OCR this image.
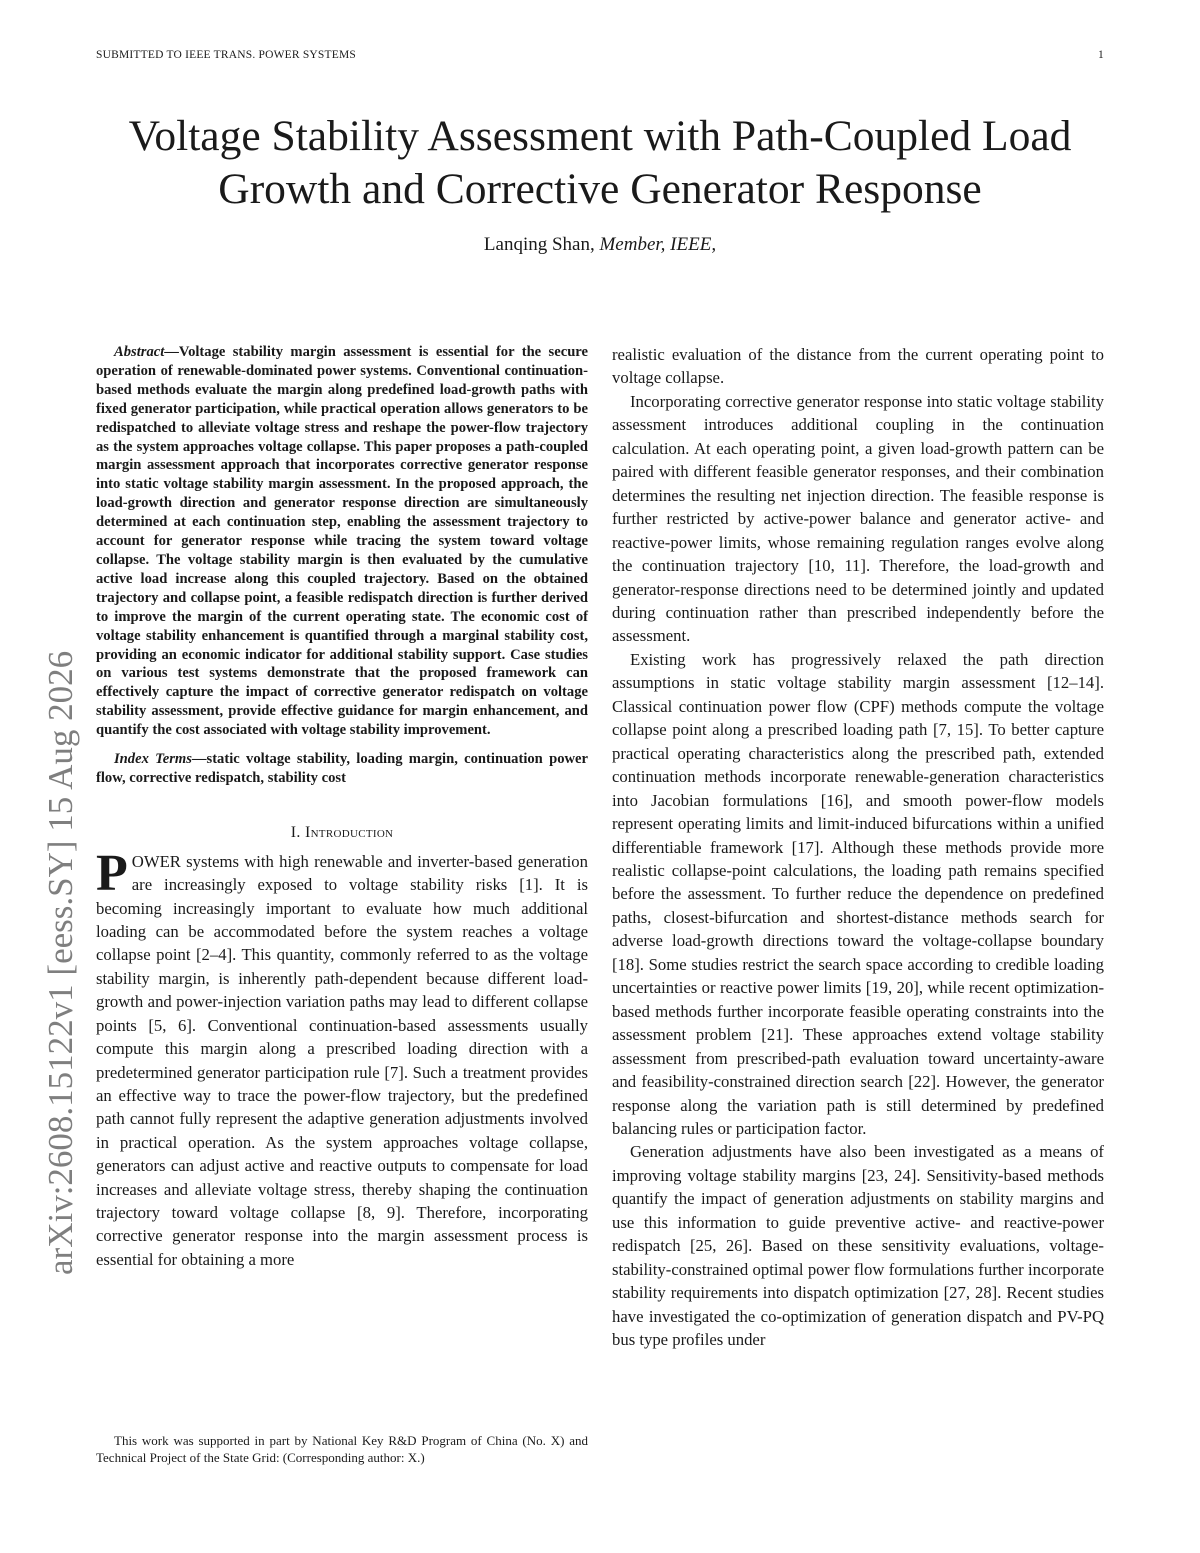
SUBMITTED TO IEEE TRANS. POWER SYSTEMS	1
Voltage Stability Assessment with Path-Coupled Load Growth and Corrective Generator Response
Lanqing Shan, Member, IEEE,
arXiv:2608.15122v1 [eess.SY] 15 Aug 2026

Abstract—Voltage stability margin assessment is essential for the secure operation of renewable-dominated power systems. Conventional continuation-based methods evaluate the margin along predefined load-growth paths with fixed generator participation, while practical operation allows generators to be redispatched to alleviate voltage stress and reshape the power-flow trajectory as the system approaches voltage collapse. This paper proposes a path-coupled margin assessment approach that incorporates corrective generator response into static voltage stability margin assessment. In the proposed approach, the load-growth direction and generator response direction are simultaneously determined at each continuation step, enabling the assessment trajectory to account for generator response while tracing the system toward voltage collapse. The voltage stability margin is then evaluated by the cumulative active load increase along this coupled trajectory. Based on the obtained trajectory and collapse point, a feasible redispatch direction is further derived to improve the margin of the current operating state. The economic cost of voltage stability enhancement is quantified through a marginal stability cost, providing an economic indicator for additional stability support. Case studies on various test systems demonstrate that the proposed framework can effectively capture the impact of corrective generator redispatch on voltage stability assessment, provide effective guidance for margin enhancement, and quantify the cost associated with voltage stability improvement.

Index Terms—static voltage stability, loading margin, continuation power flow, corrective redispatch, stability cost

I. Introduction

POWER systems with high renewable and inverter-based generation are increasingly exposed to voltage stability risks [1]. It is becoming increasingly important to evaluate how much additional loading can be accommodated before the system reaches a voltage collapse point [2–4]. This quantity, commonly referred to as the voltage stability margin, is inherently path-dependent because different load-growth and power-injection variation paths may lead to different collapse points [5, 6]. Conventional continuation-based assessments usually compute this margin along a prescribed loading direction with a predetermined generator participation rule [7]. Such a treatment provides an effective way to trace the power-flow trajectory, but the predefined path cannot fully represent the adaptive generation adjustments involved in practical operation. As the system approaches voltage collapse, generators can adjust active and reactive outputs to compensate for load increases and alleviate voltage stress, thereby shaping the continuation trajectory toward voltage collapse [8, 9]. Therefore, incorporating corrective generator response into the margin assessment process is essential for obtaining a more

realistic evaluation of the distance from the current operating point to voltage collapse.

Incorporating corrective generator response into static voltage stability assessment introduces additional coupling in the continuation calculation. At each operating point, a given load-growth pattern can be paired with different feasible generator responses, and their combination determines the resulting net injection direction. The feasible response is further restricted by active-power balance and generator active- and reactive-power limits, whose remaining regulation ranges evolve along the continuation trajectory [10, 11]. Therefore, the load-growth and generator-response directions need to be determined jointly and updated during continuation rather than prescribed independently before the assessment.

Existing work has progressively relaxed the path direction assumptions in static voltage stability margin assessment [12–14]. Classical continuation power flow (CPF) methods compute the voltage collapse point along a prescribed loading path [7, 15]. To better capture practical operating characteristics along the prescribed path, extended continuation methods incorporate renewable-generation characteristics into Jacobian formulations [16], and smooth power-flow models represent operating limits and limit-induced bifurcations within a unified differentiable framework [17]. Although these methods provide more realistic collapse-point calculations, the loading path remains specified before the assessment. To further reduce the dependence on predefined paths, closest-bifurcation and shortest-distance methods search for adverse load-growth directions toward the voltage-collapse boundary [18]. Some studies restrict the search space according to credible loading uncertainties or reactive power limits [19, 20], while recent optimization-based methods further incorporate feasible operating constraints into the assessment problem [21]. These approaches extend voltage stability assessment from prescribed-path evaluation toward uncertainty-aware and feasibility-constrained direction search [22]. However, the generator response along the variation path is still determined by predefined balancing rules or participation factor.

Generation adjustments have also been investigated as a means of improving voltage stability margins [23, 24]. Sensitivity-based methods quantify the impact of generation adjustments on stability margins and use this information to guide preventive active- and reactive-power redispatch [25, 26]. Based on these sensitivity evaluations, voltage-stability-constrained optimal power flow formulations further incorporate stability requirements into dispatch optimization [27, 28]. Recent studies have investigated the co-optimization of generation dispatch and PV-PQ bus type profiles under

This work was supported in part by National Key R&D Program of China (No. X) and Technical Project of the State Grid: (Corresponding author: X.)
